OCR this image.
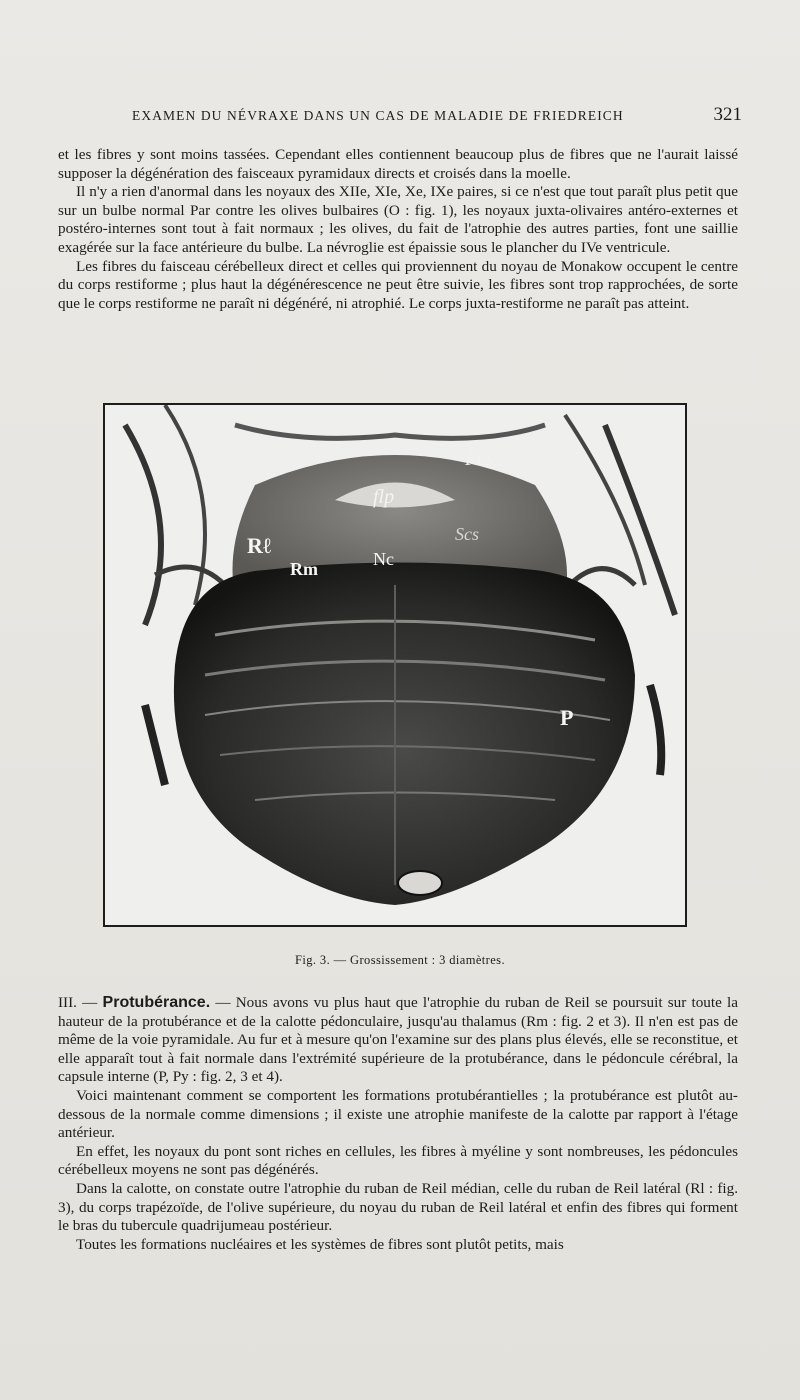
EXAMEN DU NÉVRAXE DANS UN CAS DE MALADIE DE FRIEDREICH	321

et les fibres y sont moins tassées. Cependant elles contiennent beaucoup plus de fibres que ne l'aurait laissé supposer la dégénération des faisceaux pyramidaux directs et croisés dans la moelle.

Il n'y a rien d'anormal dans les noyaux des XIIe, XIe, Xe, IXe paires, si ce n'est que tout paraît plus petit que sur un bulbe normal Par contre les olives bulbaires (O : fig. 1), les noyaux juxta-olivaires antéro-externes et postéro-internes sont tout à fait normaux ; les olives, du fait de l'atrophie des autres parties, font une saillie exagérée sur la face antérieure du bulbe. La névroglie est épaissie sous le plancher du IVe ventricule.

Les fibres du faisceau cérébelleux direct et celles qui proviennent du noyau de Monakow occupent le centre du corps restiforme ; plus haut la dégénérescence ne peut être suivie, les fibres sont trop rapprochées, de sorte que le corps restiforme ne paraît ni dégénéré, ni atrophié. Le corps juxta-restiforme ne paraît pas atteint.

Pcs
flp
Scs
Rℓ
Rm	Nc
P
Fig. 3. — Grossissement : 3 diamètres.

III. — Protubérance. — Nous avons vu plus haut que l'atrophie du ruban de Reil se poursuit sur toute la hauteur de la protubérance et de la calotte pédonculaire, jusqu'au thalamus (Rm : fig. 2 et 3). Il n'en est pas de même de la voie pyramidale. Au fur et à mesure qu'on l'examine sur des plans plus élevés, elle se reconstitue, et elle apparaît tout à fait normale dans l'extrémité supérieure de la protubérance, dans le pédoncule cérébral, la capsule interne (P, Py : fig. 2, 3 et 4).

Voici maintenant comment se comportent les formations protubérantielles ; la protubérance est plutôt au-dessous de la normale comme dimensions ; il existe une atrophie manifeste de la calotte par rapport à l'étage antérieur.

En effet, les noyaux du pont sont riches en cellules, les fibres à myéline y sont nombreuses, les pédoncules cérébelleux moyens ne sont pas dégénérés.

Dans la calotte, on constate outre l'atrophie du ruban de Reil médian, celle du ruban de Reil latéral (Rl : fig. 3), du corps trapézoïde, de l'olive supérieure, du noyau du ruban de Reil latéral et enfin des fibres qui forment le bras du tubercule quadrijumeau postérieur.

Toutes les formations nucléaires et les systèmes de fibres sont plutôt petits, mais
